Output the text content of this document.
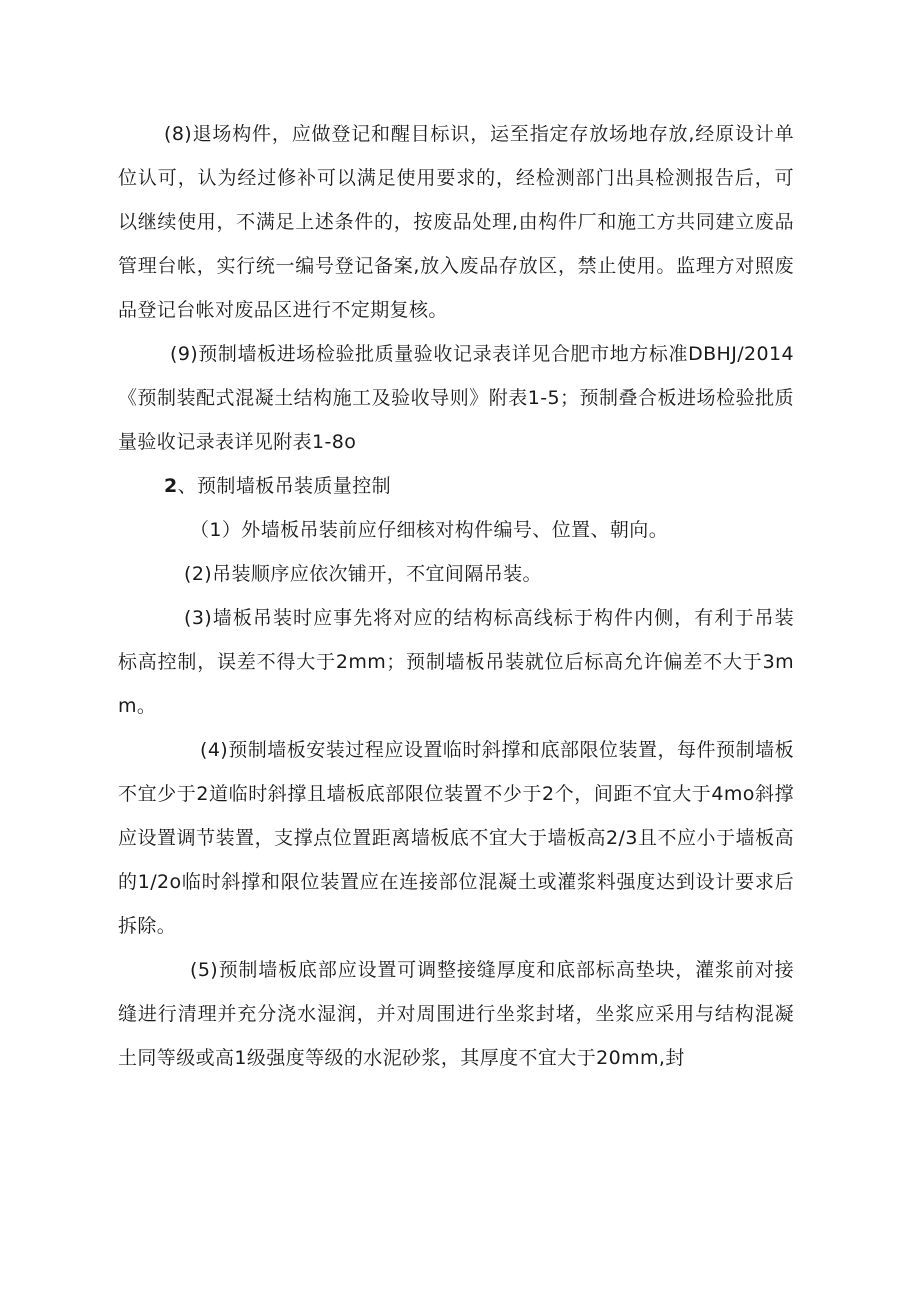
(8)退场构件，应做登记和醒目标识，运至指定存放场地存放,经原设计单位认可，认为经过修补可以满足使用要求的，经检测部门出具检测报告后，可以继续使用，不满足上述条件的，按废品处理,由构件厂和施工方共同建立废品管理台帐，实行统一编号登记备案,放入废品存放区，禁止使用。监理方对照废品登记台帐对废品区进行不定期复核。

(9)预制墙板进场检验批质量验收记录表详见合肥市地方标准DBHJ/2014《预制装配式混凝土结构施工及验收导则》附表1-5；预制叠合板进场检验批质量验收记录表详见附表1-8o

2、预制墙板吊装质量控制

（1）外墙板吊装前应仔细核对构件编号、位置、朝向。

(2)吊装顺序应依次铺开，不宜间隔吊装。

(3)墙板吊装时应事先将对应的结构标高线标于构件内侧，有利于吊装标高控制，误差不得大于2mm；预制墙板吊装就位后标高允许偏差不大于3mm。

(4)预制墙板安装过程应设置临时斜撑和底部限位装置，每件预制墙板不宜少于2道临时斜撑且墙板底部限位装置不少于2个，间距不宜大于4mo斜撑应设置调节装置，支撑点位置距离墙板底不宜大于墙板高2/3且不应小于墙板高的1/2o临时斜撑和限位装置应在连接部位混凝土或灌浆料强度达到设计要求后拆除。

(5)预制墙板底部应设置可调整接缝厚度和底部标高垫块，灌浆前对接缝进行清理并充分浇水湿润，并对周围进行坐浆封堵，坐浆应采用与结构混凝土同等级或高1级强度等级的水泥砂浆，其厚度不宜大于20mm,封
